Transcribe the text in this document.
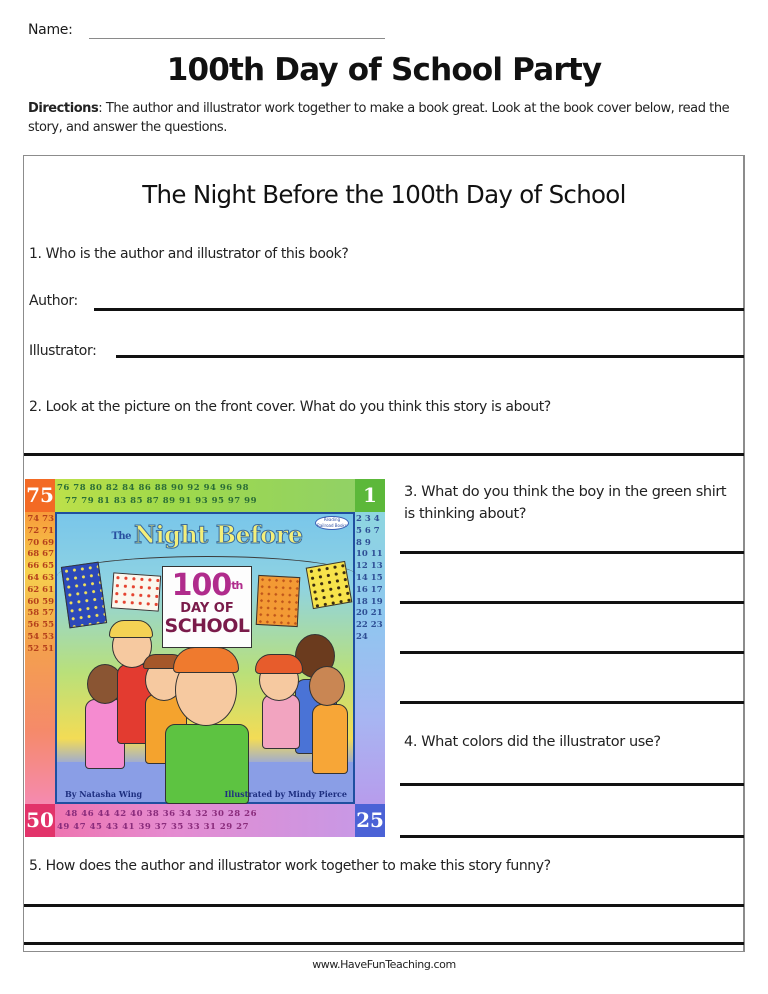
Name:
100th Day of School Party
Directions: The author and illustrator work together to make a book great. Look at the book cover below, read the story, and answer the questions.
The Night Before the 100th Day of School
1. Who is the author and illustrator of this book?
Author:
Illustrator:
2. Look at the picture on the front cover. What do you think this story is about?
76 78 80 82 84 86 88 90 92 94 96 98
77 79 81 83 85 87 89 91 93 95 97 99
48 46 44 42 40 38 36 34 32 30 28 26
49 47 45 43 41 39 37 35 33 31 29 27
74 73 72 71 70 69 68 67 66 65 64 63 62 61 60 59 58 57 56 55 54 53 52 51
2 3 4 5 6 7 8 9 10 11 12 13 14 15 16 17 18 19 20 21 22 23 24
75	1
50	25
Reading Railroad Books
The Night Before
100th
DAY OF
SCHOOL
By Natasha Wing	Illustrated by Mindy Pierce
3. What do you think the boy in the green shirt is thinking about?
4. What colors did the illustrator use?
5. How does the author and illustrator work together to make this story funny?
www.HaveFunTeaching.com
